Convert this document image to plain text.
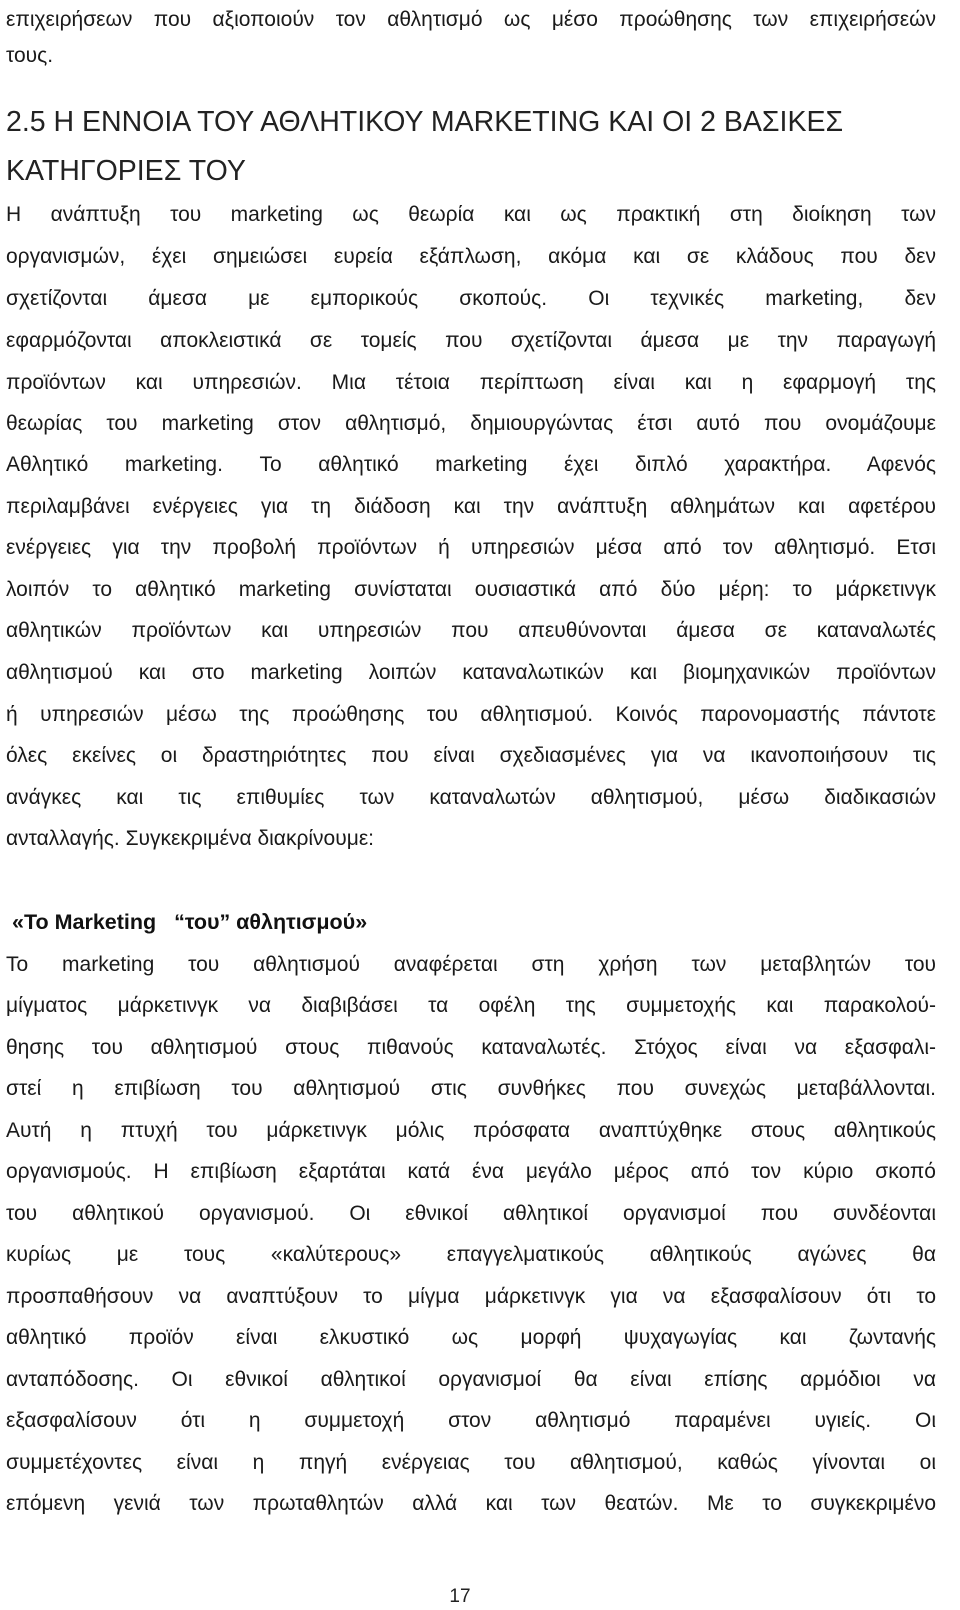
επιχειρήσεων που αξιοποιούν τον αθλητισμό ως μέσο προώθησης των επιχειρήσεών
τους.
2.5 Η ΕΝΝΟΙΑ ΤΟΥ ΑΘΛΗΤΙΚΟΥ MARKETING ΚΑΙ ΟΙ 2 ΒΑΣΙΚΕΣ
ΚΑΤΗΓΟΡΙΕΣ ΤΟΥ
Η ανάπτυξη του marketing ως θεωρία και ως πρακτική στη διοίκηση των
οργανισμών, έχει σημειώσει ευρεία εξάπλωση, ακόμα και σε κλάδους που δεν
σχετίζονται άμεσα με εμπορικούς σκοπούς. Οι τεχνικές marketing, δεν
εφαρμόζονται αποκλειστικά σε τομείς που σχετίζονται άμεσα με την παραγωγή
προϊόντων και υπηρεσιών. Μια τέτοια περίπτωση είναι και η εφαρμογή της
θεωρίας του marketing στον αθλητισμό, δημιουργώντας έτσι αυτό που ονομάζουμε
Αθλητικό marketing. Το αθλητικό marketing έχει διπλό χαρακτήρα. Αφενός
περιλαμβάνει ενέργειες για τη διάδοση και την ανάπτυξη αθλημάτων και αφετέρου
ενέργειες για την προβολή προϊόντων ή υπηρεσιών μέσα από τον αθλητισμό. Ετσι
λοιπόν το αθλητικό marketing συνίσταται ουσιαστικά από δύο μέρη: το μάρκετινγκ
αθλητικών προϊόντων και υπηρεσιών που απευθύνονται άμεσα σε καταναλωτές
αθλητισμού και στο marketing λοιπών καταναλωτικών και βιομηχανικών προϊόντων
ή υπηρεσιών μέσω της προώθησης του αθλητισμού. Κοινός παρονομαστής πάντοτε
όλες εκείνες οι δραστηριότητες που είναι σχεδιασμένες για να ικανοποιήσουν τις
ανάγκες και τις επιθυμίες των καταναλωτών αθλητισμού, μέσω διαδικασιών
ανταλλαγής. Συγκεκριμένα διακρίνουμε:
«Το Marketing   “του” αθλητισμού»
Το marketing του αθλητισμού αναφέρεται στη χρήση των μεταβλητών του
μίγματος μάρκετινγκ να διαβιβάσει τα οφέλη της συμμετοχής και παρακολού-
θησης του αθλητισμού στους πιθανούς καταναλωτές. Στόχος είναι να εξασφαλι-
στεί η επιβίωση του αθλητισμού στις συνθήκες που συνεχώς μεταβάλλονται.
Αυτή η πτυχή του μάρκετινγκ μόλις πρόσφατα αναπτύχθηκε στους αθλητικούς
οργανισμούς. Η επιβίωση εξαρτάται κατά ένα μεγάλο μέρος από τον κύριο σκοπό
του αθλητικού οργανισμού. Οι εθνικοί αθλητικοί οργανισμοί που συνδέονται
κυρίως με τους «καλύτερους» επαγγελματικούς αθλητικούς αγώνες θα
προσπαθήσουν να αναπτύξουν το μίγμα μάρκετινγκ για να εξασφαλίσουν ότι το
αθλητικό προϊόν είναι ελκυστικό ως μορφή ψυχαγωγίας και ζωντανής
ανταπόδοσης. Οι εθνικοί αθλητικοί οργανισμοί θα είναι επίσης αρμόδιοι να
εξασφαλίσουν ότι η συμμετοχή στον αθλητισμό παραμένει υγιείς. Οι
συμμετέχοντες είναι η πηγή ενέργειας του αθλητισμού, καθώς γίνονται οι
επόμενη γενιά των πρωταθλητών αλλά και των θεατών. Με το συγκεκριμένο
17
